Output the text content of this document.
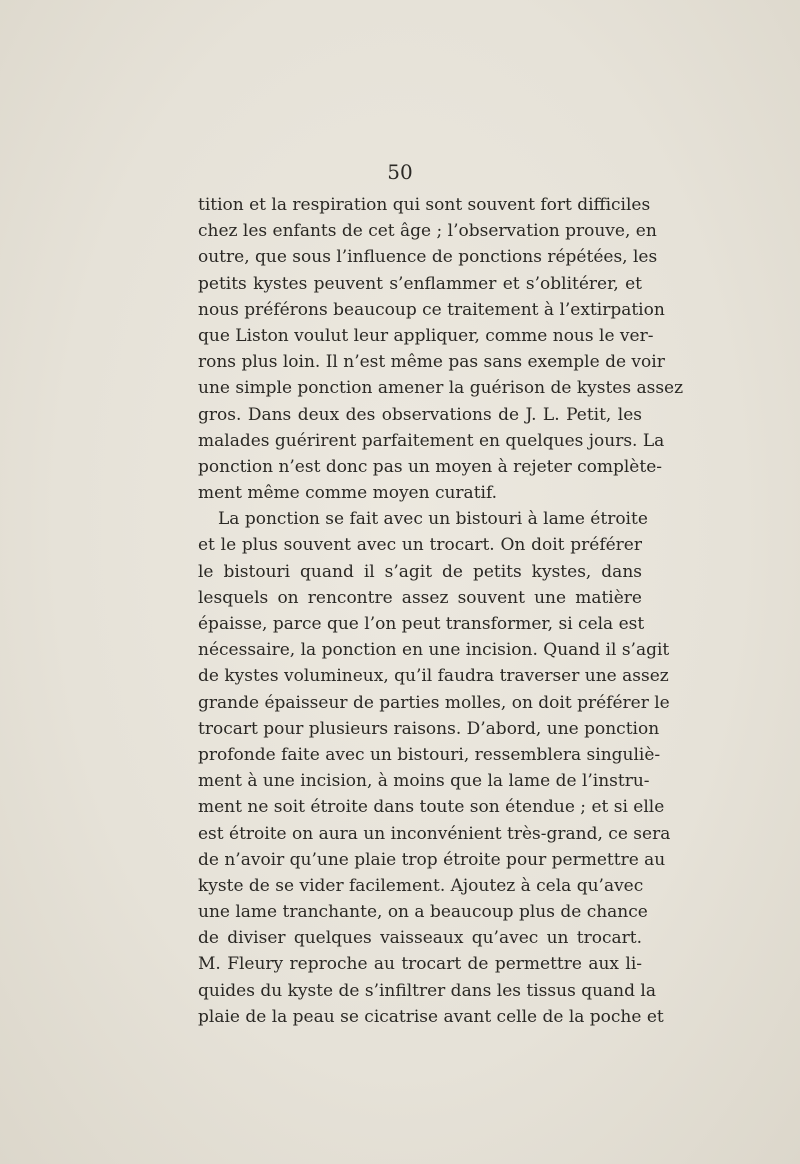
50
tition et la respiration qui sont souvent fort difficiles
chez les enfants de cet âge ; l’observation prouve, en
outre, que sous l’influence de ponctions répétées, les
petits kystes peuvent s’enflammer et s’oblitérer, et
nous préférons beaucoup ce traitement à l’extirpation
que Liston voulut leur appliquer, comme nous le ver-
rons plus loin. Il n’est même pas sans exemple de voir
une simple ponction amener la guérison de kystes assez
gros. Dans deux des observations de J. L. Petit, les
malades guérirent parfaitement en quelques jours. La
ponction n’est donc pas un moyen à rejeter complète-
ment même comme moyen curatif.
La ponction se fait avec un bistouri à lame étroite
et le plus souvent avec un trocart. On doit préférer
le bistouri quand il s’agit de petits kystes, dans
lesquels on rencontre assez souvent une matière
épaisse, parce que l’on peut transformer, si cela est
nécessaire, la ponction en une incision. Quand il s’agit
de kystes volumineux, qu’il faudra traverser une assez
grande épaisseur de parties molles, on doit préférer le
trocart pour plusieurs raisons. D’abord, une ponction
profonde faite avec un bistouri, ressemblera singuliè-
ment à une incision, à moins que la lame de l’instru-
ment ne soit étroite dans toute son étendue ; et si elle
est étroite on aura un inconvénient très-grand, ce sera
de n’avoir qu’une plaie trop étroite pour permettre au
kyste de se vider facilement. Ajoutez à cela qu’avec
une lame tranchante, on a beaucoup plus de chance
de diviser quelques vaisseaux qu’avec un trocart.
M. Fleury reproche au trocart de permettre aux li-
quides du kyste de s’infiltrer dans les tissus quand la
plaie de la peau se cicatrise avant celle de la poche et
